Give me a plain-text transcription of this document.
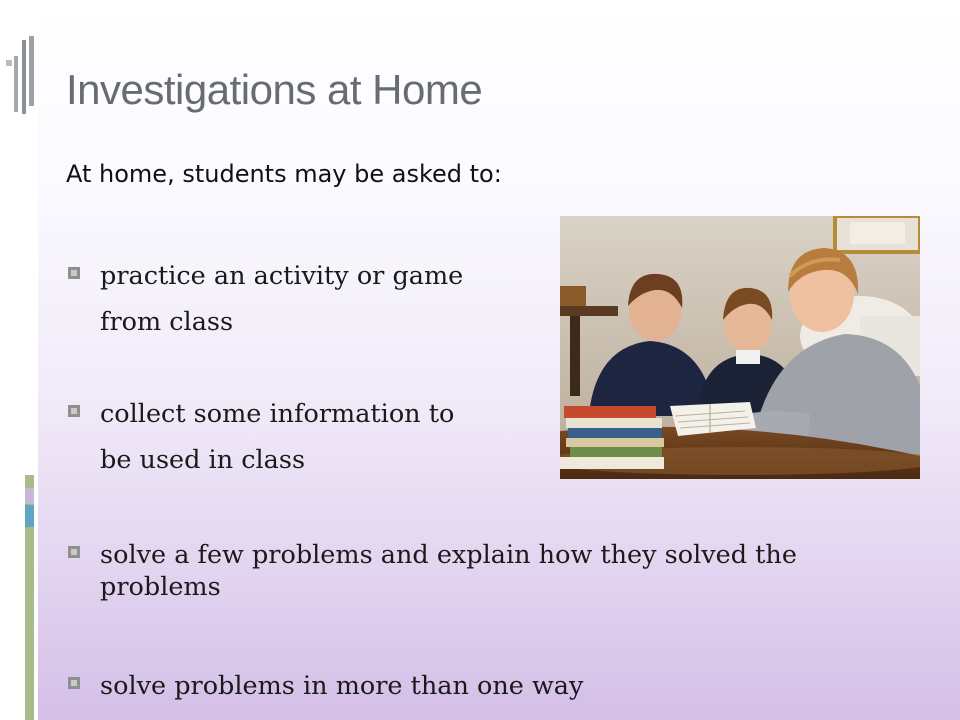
Investigations at Home
At home, students may be asked to:
practice an activity or game
from class
collect some information to
be used in class
solve a few problems and explain how they solved the
problems
solve problems in more than one way
